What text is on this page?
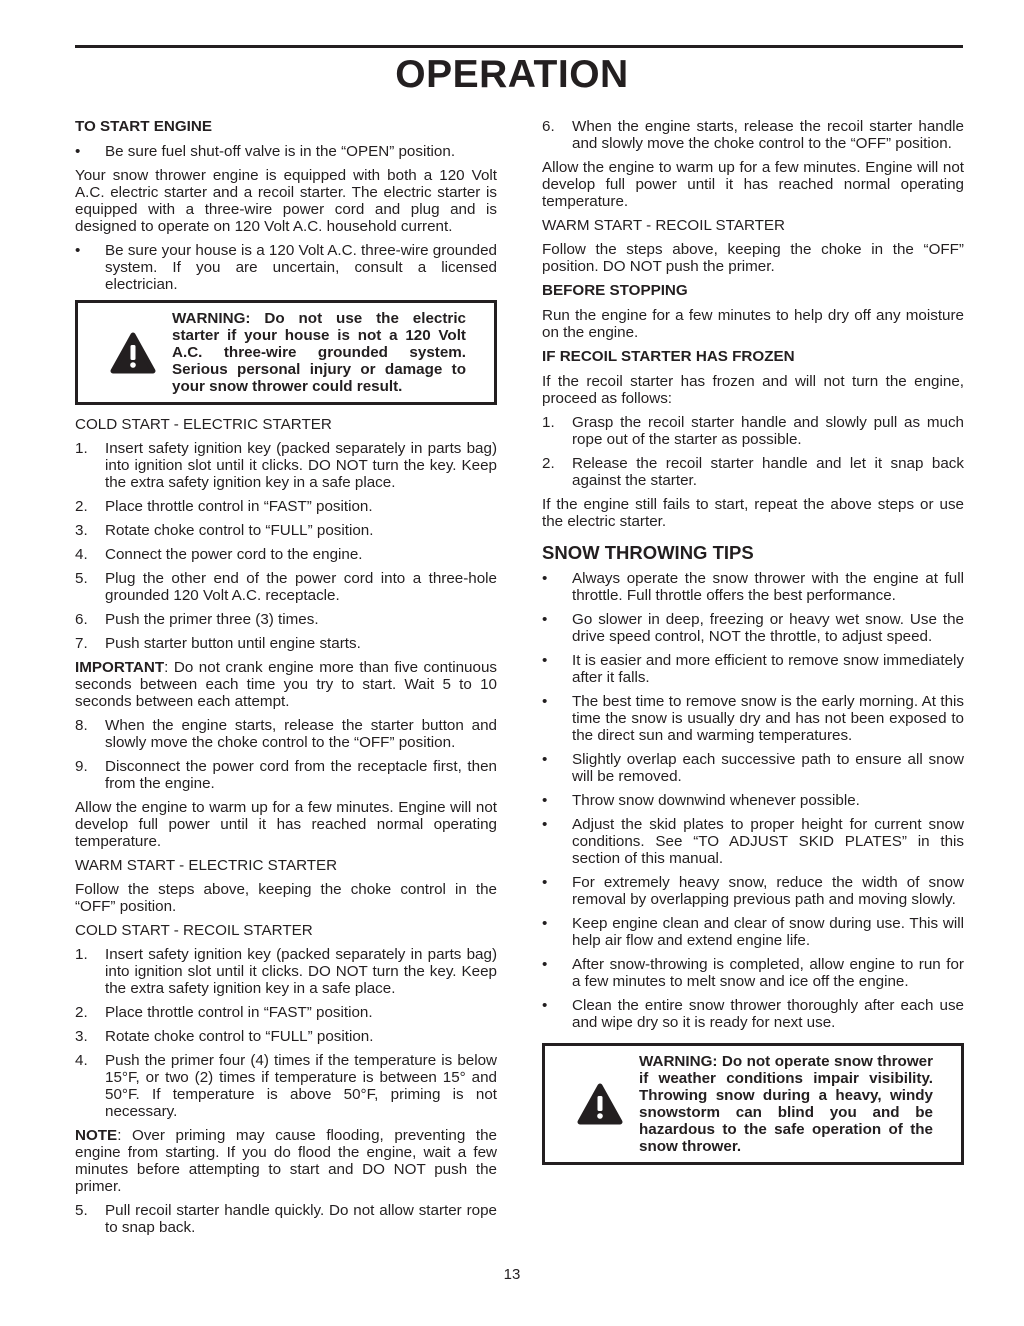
OPERATION
TO START ENGINE
•	Be sure fuel shut-off valve is in the “OPEN” position.

Your snow thrower engine is equipped with both a 120 Volt A.C. electric starter and a recoil starter. The electric starter is equipped with a three-wire power cord and plug and is designed to operate on 120 Volt A.C. household current.

•	Be sure your house is a 120 Volt A.C. three-wire grounded system. If you are uncertain, consult a licensed electrician.
WARNING: Do not use the electric starter if your house is not a 120 Volt A.C. three-wire grounded system. Serious personal injury or damage to your snow thrower could result.
COLD START - ELECTRIC STARTER
1.	Insert safety ignition key (packed separately in parts bag) into ignition slot until it clicks. DO NOT turn the key. Keep the extra safety ignition key in a safe place.
2.	Place throttle control in “FAST” position.
3.	Rotate choke control to “FULL” position.
4.	Connect the power cord to the engine.
5.	Plug the other end of the power cord into a three-hole grounded 120 Volt A.C. receptacle.
6.	Push the primer three (3) times.
7.	Push starter button until engine starts.

IMPORTANT: Do not crank engine more than five continuous seconds between each time you try to start. Wait 5 to 10 seconds between each attempt.

8.	When the engine starts, release the starter button and slowly move the choke control to the “OFF” position.
9.	Disconnect the power cord from the receptacle first, then from the engine.

Allow the engine to warm up for a few minutes. Engine will not develop full power until it has reached normal operating temperature.

WARM START - ELECTRIC STARTER

Follow the steps above, keeping the choke control in the “OFF” position.

COLD START - RECOIL STARTER
1.	Insert safety ignition key (packed separately in parts bag) into ignition slot until it clicks. DO NOT turn the key. Keep the extra safety ignition key in a safe place.
2.	Place throttle control in “FAST” position.
3.	Rotate choke control to “FULL” position.
4.	Push the primer four (4) times if the temperature is below 15°F, or two (2) times if temperature is between 15° and 50°F. If temperature is above 50°F, priming is not necessary.

NOTE: Over priming may cause flooding, preventing the engine from starting. If you do flood the engine, wait a few minutes before attempting to start and DO NOT push the primer.

5.	Pull recoil starter handle quickly. Do not allow starter rope to snap back.
6.	When the engine starts, release the recoil starter handle and slowly move the choke control to the “OFF” position.

Allow the engine to warm up for a few minutes. Engine will not develop full power until it has reached normal operating temperature.

WARM START - RECOIL STARTER

Follow the steps above, keeping the choke in the “OFF” position. DO NOT push the primer.

BEFORE STOPPING

Run the engine for a few minutes to help dry off any moisture on the engine.

IF RECOIL STARTER HAS FROZEN

If the recoil starter has frozen and will not turn the engine, proceed as follows:

1.	Grasp the recoil starter handle and slowly pull as much rope out of the starter as possible.
2.	Release the recoil starter handle and let it snap back against the starter.

If the engine still fails to start, repeat the above steps or use the electric starter.

SNOW THROWING TIPS
•	Always operate the snow thrower with the engine at full throttle. Full throttle offers the best performance.
•	Go slower in deep, freezing or heavy wet snow. Use the drive speed control, NOT the throttle, to adjust speed.
•	It is easier and more efficient to remove snow immediately after it falls.
•	The best time to remove snow is the early morning. At this time the snow is usually dry and has not been exposed to the direct sun and warming temperatures.
•	Slightly overlap each successive path to ensure all snow will be removed.
•	Throw snow downwind whenever possible.
•	Adjust the skid plates to proper height for current snow conditions. See “TO ADJUST SKID PLATES” in this section of this manual.
•	For extremely heavy snow, reduce the width of snow removal by overlapping previous path and moving slowly.
•	Keep engine clean and clear of snow during use. This will help air flow and extend engine life.
•	After snow-throwing is completed, allow engine to run for a few minutes to melt snow and ice off the engine.
•	Clean the entire snow thrower thoroughly after each use and wipe dry so it is ready for next use.
WARNING: Do not operate snow thrower if weather conditions impair visibility. Throwing snow during a heavy, windy snowstorm can blind you and be hazardous to the safe operation of the snow thrower.
13
